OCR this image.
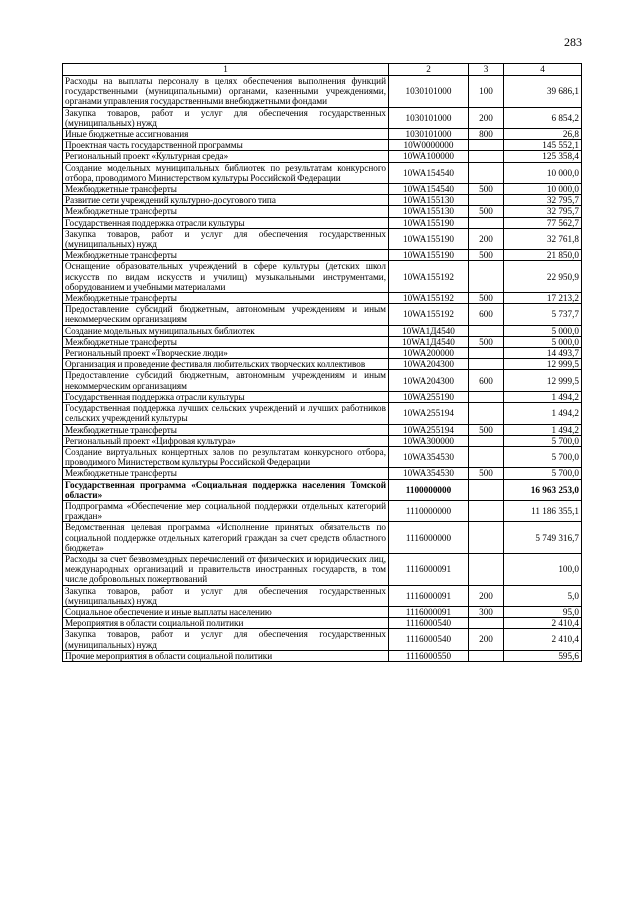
283
1	2	3	4
Расходы на выплаты персоналу в целях обеспечения выполнения функций государственными (муниципальными) органами, казенными учреждениями, органами управления государственными внебюджетными фондами	1030101000	100	39 686,1
Закупка товаров, работ и услуг для обеспечения государственных (муниципальных) нужд	1030101000	200	6 854,2
Иные бюджетные ассигнования	1030101000	800	26,8
Проектная часть государственной программы	10W0000000		145 552,1
Региональный проект «Культурная среда»	10WA100000		125 358,4
Создание модельных муниципальных библиотек по результатам конкурсного отбора, проводимого Министерством культуры Российской Федерации	10WA154540		10 000,0
Межбюджетные трансферты	10WA154540	500	10 000,0
Развитие сети учреждений культурно-досугового типа	10WA155130		32 795,7
Межбюджетные трансферты	10WA155130	500	32 795,7
Государственная поддержка отрасли культуры	10WA155190		77 562,7
Закупка товаров, работ и услуг для обеспечения государственных (муниципальных) нужд	10WA155190	200	32 761,8
Межбюджетные трансферты	10WA155190	500	21 850,0
Оснащение образовательных учреждений в сфере культуры (детских школ искусств по видам искусств и училищ) музыкальными инструментами, оборудованием и учебными материалами	10WA155192		22 950,9
Межбюджетные трансферты	10WA155192	500	17 213,2
Предоставление субсидий бюджетным, автономным учреждениям и иным некоммерческим организациям	10WA155192	600	5 737,7
Создание модельных муниципальных библиотек	10WA1Д4540		5 000,0
Межбюджетные трансферты	10WA1Д4540	500	5 000,0
Региональный проект «Творческие люди»	10WA200000		14 493,7
Организация и проведение фестиваля любительских творческих коллективов	10WA204300		12 999,5
Предоставление субсидий бюджетным, автономным учреждениям и иным некоммерческим организациям	10WA204300	600	12 999,5
Государственная поддержка отрасли культуры	10WA255190		1 494,2
Государственная поддержка лучших сельских учреждений и лучших работников сельских учреждений культуры	10WA255194		1 494,2
Межбюджетные трансферты	10WA255194	500	1 494,2
Региональный проект «Цифровая культура»	10WA300000		5 700,0
Создание виртуальных концертных залов по результатам конкурсного отбора, проводимого Министерством культуры Российской Федерации	10WA354530		5 700,0
Межбюджетные трансферты	10WA354530	500	5 700,0
Государственная программа «Социальная поддержка населения Томской области»	1100000000		16 963 253,0
Подпрограмма «Обеспечение мер социальной поддержки отдельных категорий граждан»	1110000000		11 186 355,1
Ведомственная целевая программа «Исполнение принятых обязательств по социальной поддержке отдельных категорий граждан за счет средств областного бюджета»	1116000000		5 749 316,7
Расходы за счет безвозмездных перечислений от физических и юридических лиц, международных организаций и правительств иностранных государств, в том числе добровольных пожертвований	1116000091		100,0
Закупка товаров, работ и услуг для обеспечения государственных (муниципальных) нужд	1116000091	200	5,0
Социальное обеспечение и иные выплаты населению	1116000091	300	95,0
Мероприятия в области социальной политики	1116000540		2 410,4
Закупка товаров, работ и услуг для обеспечения государственных (муниципальных) нужд	1116000540	200	2 410,4
Прочие мероприятия в области социальной политики	1116000550		595,6
